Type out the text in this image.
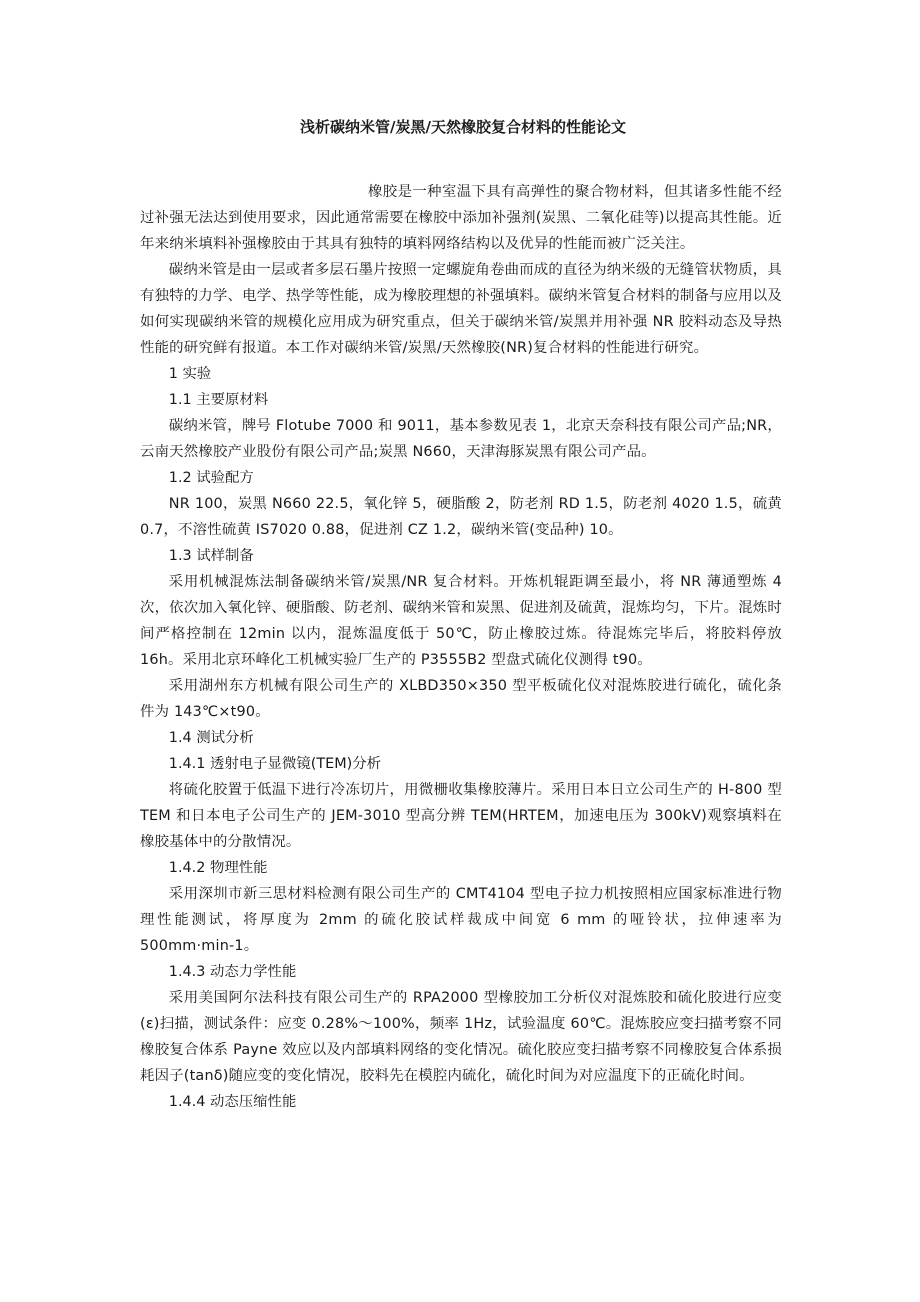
浅析碳纳米管/炭黑/天然橡胶复合材料的性能论文

橡胶是一种室温下具有高弹性的聚合物材料，但其诸多性能不经过补强无法达到使用要求，因此通常需要在橡胶中添加补强剂(炭黑、二氧化硅等)以提高其性能。近年来纳米填料补强橡胶由于其具有独特的填料网络结构以及优异的性能而被广泛关注。

碳纳米管是由一层或者多层石墨片按照一定螺旋角卷曲而成的直径为纳米级的无缝管状物质，具有独特的力学、电学、热学等性能，成为橡胶理想的补强填料。碳纳米管复合材料的制备与应用以及如何实现碳纳米管的规模化应用成为研究重点，但关于碳纳米管/炭黑并用补强 NR 胶料动态及导热性能的研究鲜有报道。本工作对碳纳米管/炭黑/天然橡胶(NR)复合材料的性能进行研究。

1 实验

1.1 主要原材料

碳纳米管，牌号 Flotube 7000 和 9011，基本参数见表 1，北京天奈科技有限公司产品;NR，云南天然橡胶产业股份有限公司产品;炭黑 N660，天津海豚炭黑有限公司产品。

1.2 试验配方

NR 100，炭黑 N660 22.5，氧化锌 5，硬脂酸 2，防老剂 RD 1.5，防老剂 4020 1.5，硫黄 0.7，不溶性硫黄 IS7020 0.88，促进剂 CZ 1.2，碳纳米管(变品种) 10。

1.3 试样制备

采用机械混炼法制备碳纳米管/炭黑/NR 复合材料。开炼机辊距调至最小，将 NR 薄通塑炼 4 次，依次加入氧化锌、硬脂酸、防老剂、碳纳米管和炭黑、促进剂及硫黄，混炼均匀，下片。混炼时间严格控制在 12min 以内，混炼温度低于 50℃，防止橡胶过炼。待混炼完毕后，将胶料停放 16h。采用北京环峰化工机械实验厂生产的 P3555B2 型盘式硫化仪测得 t90。

采用湖州东方机械有限公司生产的 XLBD350×350 型平板硫化仪对混炼胶进行硫化，硫化条件为 143℃×t90。

1.4 测试分析

1.4.1 透射电子显微镜(TEM)分析

将硫化胶置于低温下进行冷冻切片，用微栅收集橡胶薄片。采用日本日立公司生产的 H-800 型 TEM 和日本电子公司生产的 JEM-3010 型高分辨 TEM(HRTEM，加速电压为 300kV)观察填料在橡胶基体中的分散情况。

1.4.2 物理性能

采用深圳市新三思材料检测有限公司生产的 CMT4104 型电子拉力机按照相应国家标准进行物理性能测试，将厚度为 2mm 的硫化胶试样裁成中间宽 6 mm 的哑铃状，拉伸速率为 500mm·min-1。

1.4.3 动态力学性能

采用美国阿尔法科技有限公司生产的 RPA2000 型橡胶加工分析仪对混炼胶和硫化胶进行应变(ε)扫描，测试条件：应变 0.28%～100%，频率 1Hz，试验温度 60℃。混炼胶应变扫描考察不同橡胶复合体系 Payne 效应以及内部填料网络的变化情况。硫化胶应变扫描考察不同橡胶复合体系损耗因子(tanδ)随应变的变化情况，胶料先在模腔内硫化，硫化时间为对应温度下的正硫化时间。

1.4.4 动态压缩性能
